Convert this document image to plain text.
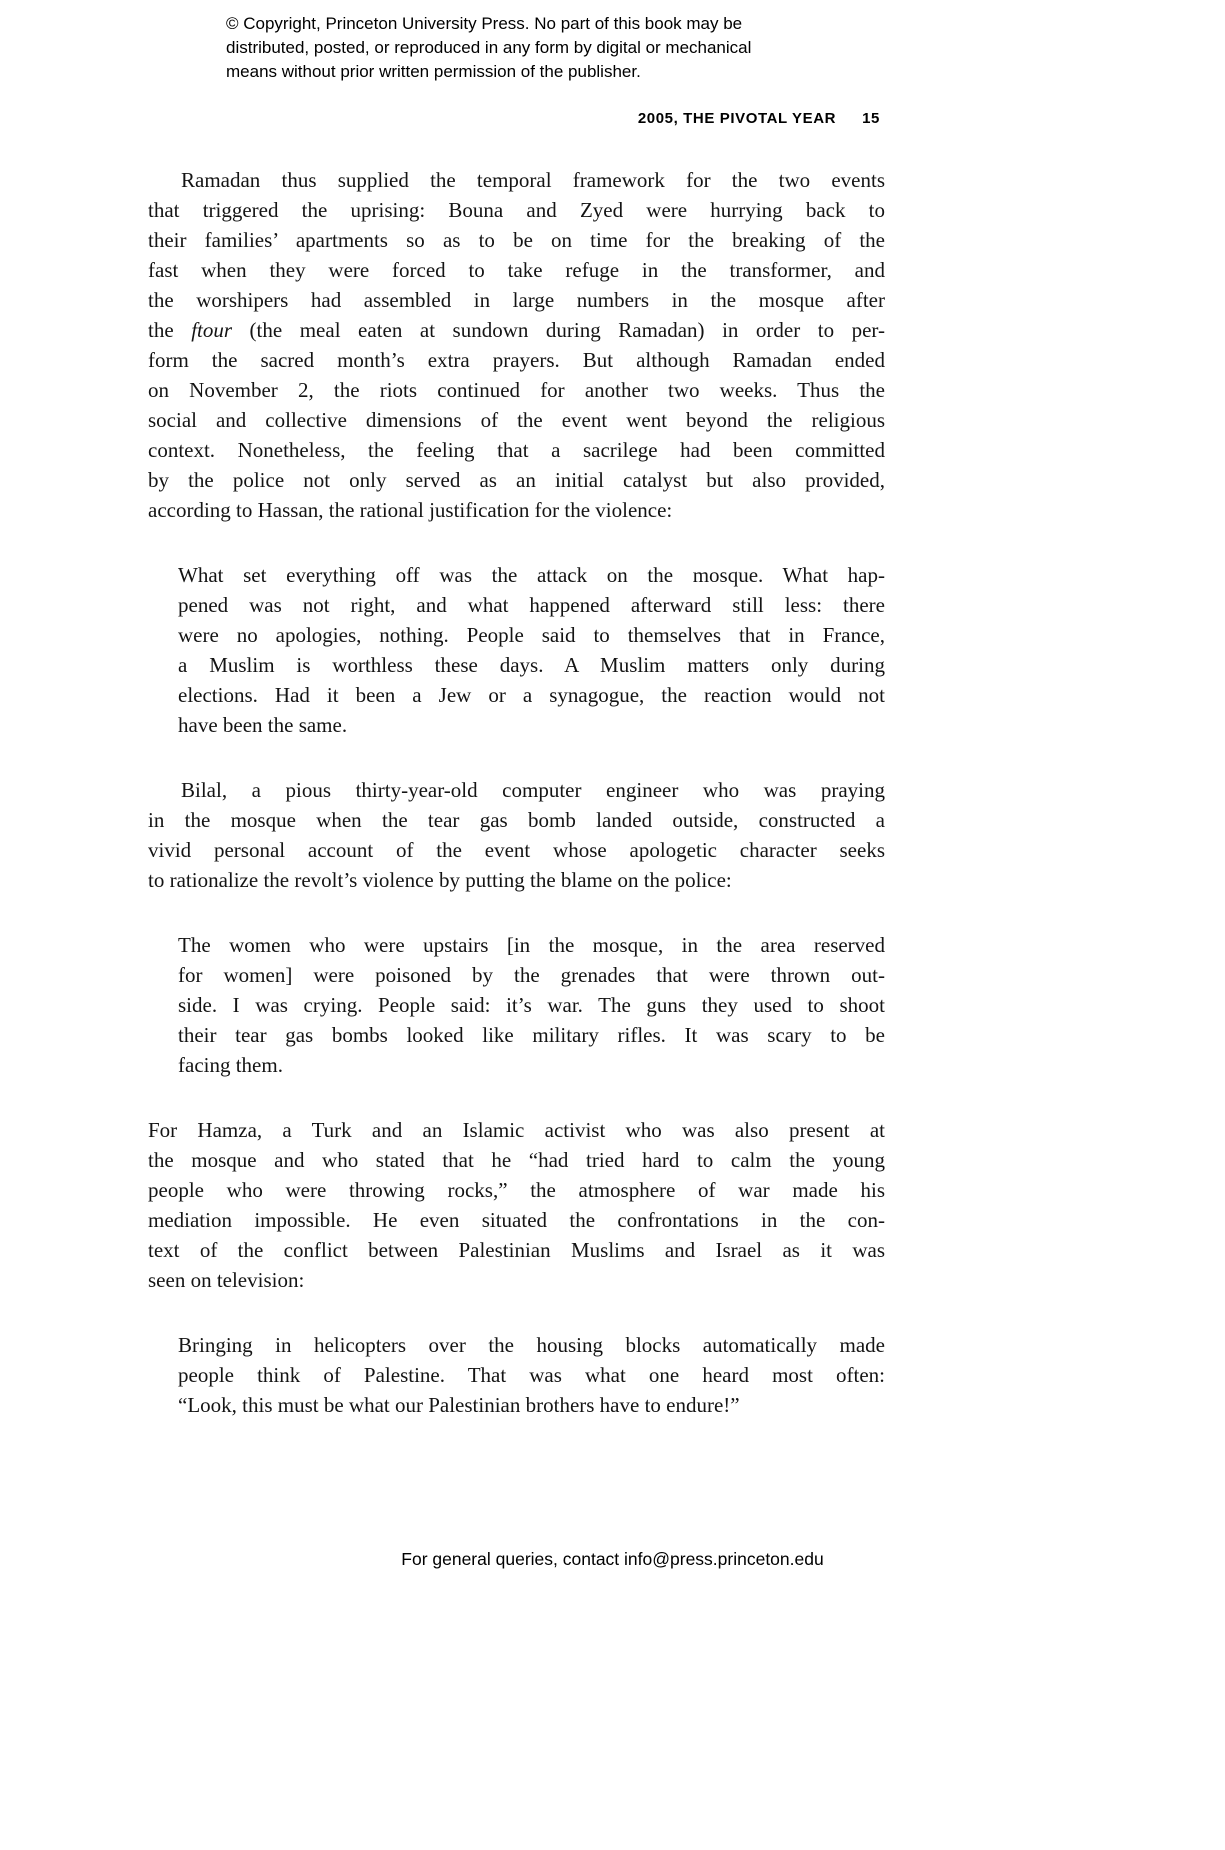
© Copyright, Princeton University Press. No part of this book may be
distributed, posted, or reproduced in any form by digital or mechanical
means without prior written permission of the publisher.
2005, THE PIVOTAL YEAR 15
Ramadan thus supplied the temporal framework for the two events
that triggered the uprising: Bouna and Zyed were hurrying back to
their families’ apartments so as to be on time for the breaking of the
fast when they were forced to take refuge in the transformer, and
the worshipers had assembled in large numbers in the mosque after
the ftour (the meal eaten at sundown during Ramadan) in order to per-
form the sacred month’s extra prayers. But although Ramadan ended
on November 2, the riots continued for another two weeks. Thus the
social and collective dimensions of the event went beyond the religious
context. Nonetheless, the feeling that a sacrilege had been committed
by the police not only served as an initial catalyst but also provided,
according to Hassan, the rational justification for the violence:
What set everything off was the attack on the mosque. What hap-
pened was not right, and what happened afterward still less: there
were no apologies, nothing. People said to themselves that in France,
a Muslim is worthless these days. A Muslim matters only during
elections. Had it been a Jew or a synagogue, the reaction would not
have been the same.
Bilal, a pious thirty-year-old computer engineer who was praying
in the mosque when the tear gas bomb landed outside, constructed a
vivid personal account of the event whose apologetic character seeks
to rationalize the revolt’s violence by putting the blame on the police:
The women who were upstairs [in the mosque, in the area reserved
for women] were poisoned by the grenades that were thrown out-
side. I was crying. People said: it’s war. The guns they used to shoot
their tear gas bombs looked like military rifles. It was scary to be
facing them.
For Hamza, a Turk and an Islamic activist who was also present at
the mosque and who stated that he “had tried hard to calm the young
people who were throwing rocks,” the atmosphere of war made his
mediation impossible. He even situated the confrontations in the con-
text of the conflict between Palestinian Muslims and Israel as it was
seen on television:
Bringing in helicopters over the housing blocks automatically made
people think of Palestine. That was what one heard most often:
“Look, this must be what our Palestinian brothers have to endure!”
For general queries, contact info@press.princeton.edu
